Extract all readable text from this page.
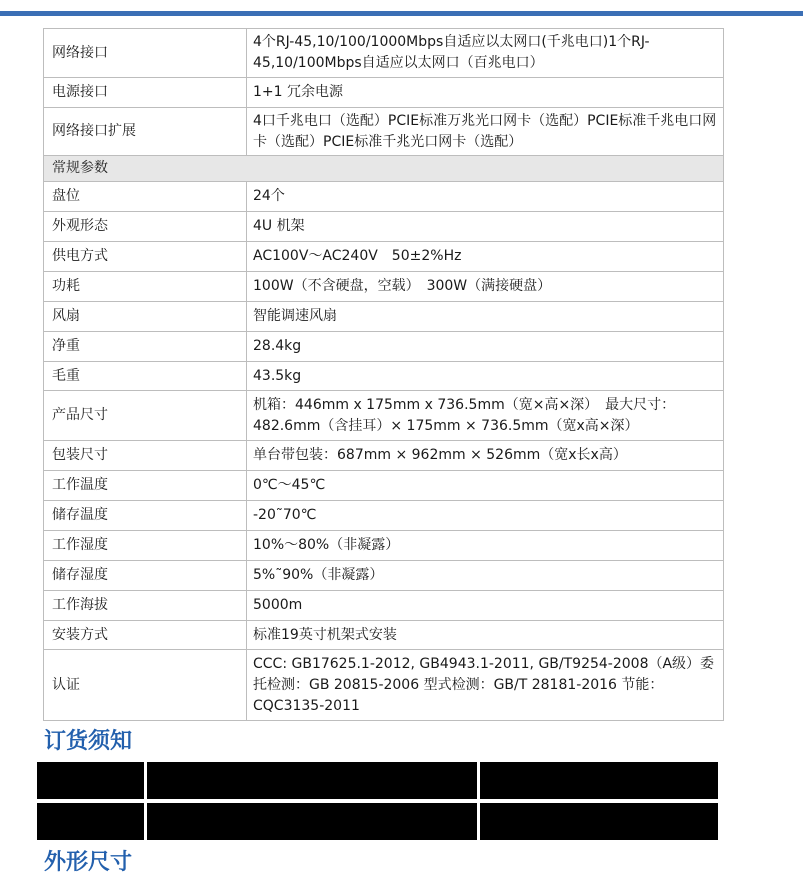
网络接口	4个RJ-45,10/100/1000Mbps自适应以太网口(千兆电口)1个RJ-45,10/100Mbps自适应以太网口（百兆电口）
电源接口	1+1 冗余电源
网络接口扩展	4口千兆电口（选配）PCIE标准万兆光口网卡（选配）PCIE标准千兆电口网卡（选配）PCIE标准千兆光口网卡（选配）
常规参数	
盘位	24个
外观形态	4U 机架
供电方式	AC100V～AC240V　50±2%Hz
功耗	100W（不含硬盘，空载）　300W（满接硬盘）
风扇	智能调速风扇
净重	28.4kg
毛重	43.5kg
产品尺寸	机箱：446mm x 175mm x 736.5mm（宽×高×深）　最大尺寸：482.6mm（含挂耳）× 175mm × 736.5mm（宽x高×深）
包装尺寸	单台带包装：687mm × 962mm × 526mm（宽x长x高）
工作温度	0℃～45℃
储存温度	-20˜70℃
工作湿度	10%～80%（非凝露）
储存湿度	5%˜90%（非凝露）
工作海拔	5000m
安装方式	标准19英寸机架式安装
认证	CCC: GB17625.1-2012, GB4943.1-2011, GB/T9254-2008（A级）委托检测：GB 20815-2006 型式检测：GB/T 28181-2016 节能：CQC3135-2011
订货须知
外形尺寸
